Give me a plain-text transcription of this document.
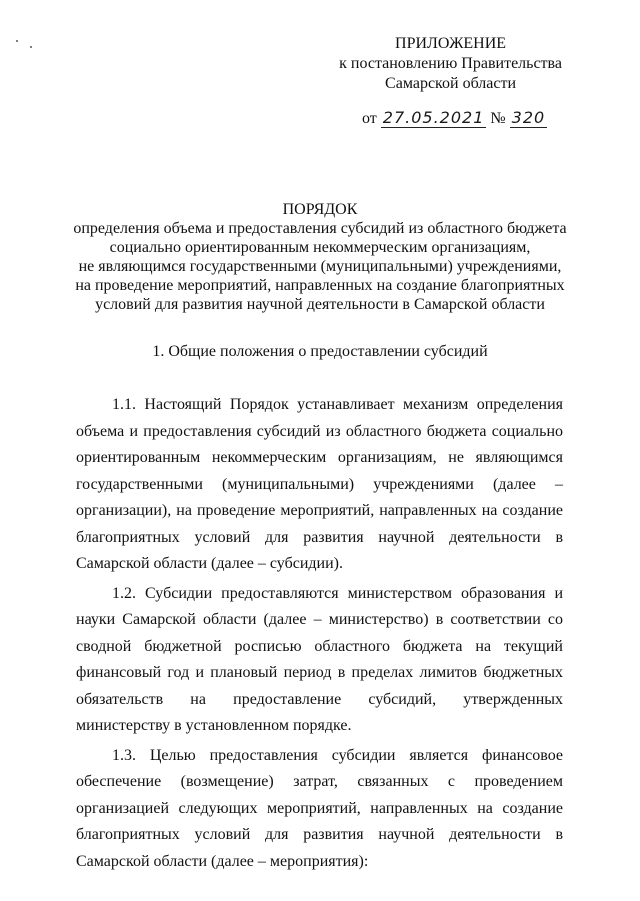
ПРИЛОЖЕНИЕ
к постановлению Правительства
Самарской области
от 27.05.2021 № 320
ПОРЯДОК
определения объема и предоставления субсидий из областного бюджета
социально ориентированным некоммерческим организациям,
не являющимся государственными (муниципальными) учреждениями,
на проведение мероприятий, направленных на создание благоприятных
условий для развития научной деятельности в Самарской области
1. Общие положения о предоставлении субсидий

1.1. Настоящий Порядок устанавливает механизм определения объема и предоставления субсидий из областного бюджета социально ориентированным некоммерческим организациям, не являющимся государственными (муниципальными) учреждениями (далее – организации), на проведение мероприятий, направленных на создание благоприятных условий для развития научной деятельности в Самарской области (далее – субсидии).

1.2. Субсидии предоставляются министерством образования и науки Самарской области (далее – министерство) в соответствии со сводной бюджетной росписью областного бюджета на текущий финансовый год и плановый период в пределах лимитов бюджетных обязательств на предоставление субсидий, утвержденных министерству в установленном порядке.

1.3. Целью предоставления субсидии является финансовое обеспечение (возмещение) затрат, связанных с проведением организацией следующих мероприятий, направленных на создание благоприятных условий для развития научной деятельности в Самарской области (далее – мероприятия):
